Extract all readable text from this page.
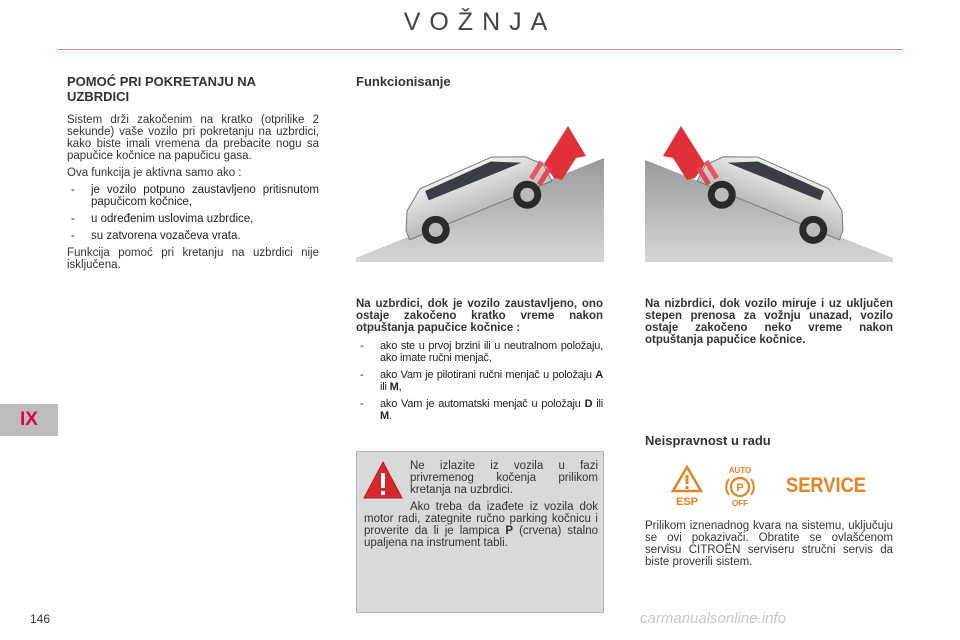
VOŽNJA
IX
POMOĆ PRI POKRETANJU NA UZBRDICI

Sistem drži zakočenim na kratko (otprilike 2 sekunde) vaše vozilo pri pokretanju na uzbrdici, kako biste imali vremena da prebacite nogu sa papučice kočnice na papučicu gasa.

Ova funkcija je aktivna samo ako :

- je vozilo potpuno zaustavljeno pritisnutom papučicom kočnice,
- u određenim uslovima uzbrdice,
- su zatvorena vozačeva vrata.

Funkcija pomoć pri kretanju na uzbrdici nije isključena.

Funkcionisanje

Na uzbrdici, dok je vozilo zaustavljeno, ono ostaje zakočeno kratko vreme nakon otpuštanja papučice kočnice :

- ako ste u prvoj brzini ili u neutralnom položaju, ako imate ručni menjač,
- ako Vam je pilotirani ručni menjač u položaju A ili M,
- ako Vam je automatski menjač u položaju D ili M.

Na nizbrdici, dok vozilo miruje i uz uključen stepen prenosa za vožnju unazad, vozilo ostaje zakočeno neko vreme nakon otpuštanja papučice kočnice.

Ne izlazite iz vozila u fazi privremenog kočenja prilikom kretanja na uzbrdici.

Ako treba da izađete iz vozila dok motor radi, zategnite ručno parking kočnicu i proverite da li je lampica P (crvena) stalno upaljena na instrument tabli.

Neispravnost u radu
ESP
AUTO
P
OFF
SERVICE

Prilikom iznenadnog kvara na sistemu, uključuju se ovi pokazivači. Obratite se ovlašćenom servisu CITROËN serviseru stručni servis da biste proverili sistem.

146	carmanualsonline.info
